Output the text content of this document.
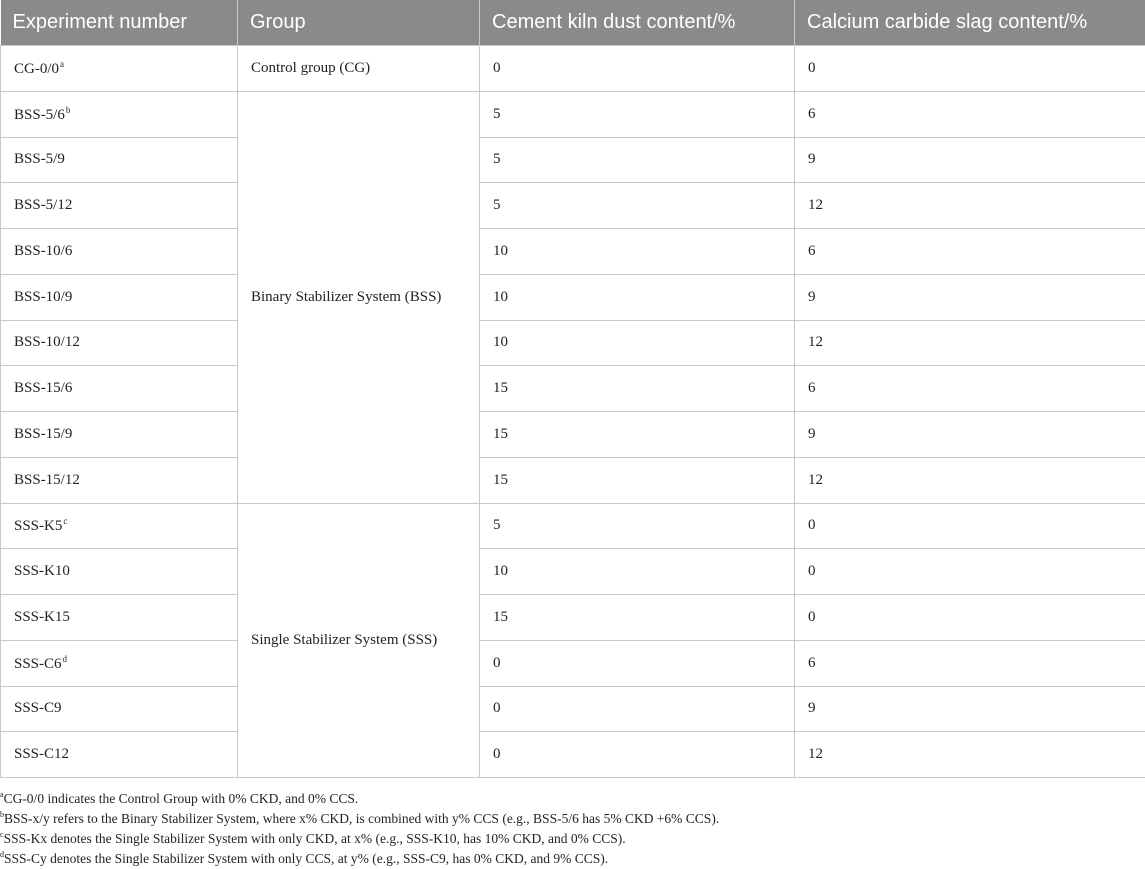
Experiment number	Group	Cement kiln dust content/%	Calcium carbide slag content/%
CG-0/0$^a$	Control group (CG)	0	0
BSS-5/6$^b$	Binary Stabilizer System (BSS)	5	6
BSS-5/9		5	9
BSS-5/12		5	12
BSS-10/6		10	6
BSS-10/9		10	9
BSS-10/12		10	12
BSS-15/6		15	6
BSS-15/9		15	9
BSS-15/12		15	12
SSS-K5$^c$	Single Stabilizer System (SSS)	5	0
SSS-K10		10	0
SSS-K15		15	0
SSS-C6$^d$		0	6
SSS-C9		0	9
SSS-C12		0	12
$^a$CG-0/0 indicates the Control Group with 0% CKD, and 0% CCS.
$^b$BSS-x/y refers to the Binary Stabilizer System, where x% CKD, is combined with y% CCS (e.g., BSS-5/6 has 5% CKD +6% CCS).
$^c$SSS-Kx denotes the Single Stabilizer System with only CKD, at x% (e.g., SSS-K10, has 10% CKD, and 0% CCS).
$^d$SSS-Cy denotes the Single Stabilizer System with only CCS, at y% (e.g., SSS-C9, has 0% CKD, and 9% CCS).
